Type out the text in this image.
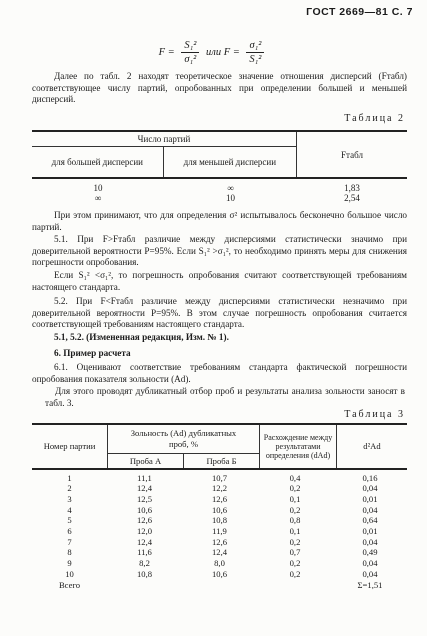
ГОСТ 2669—81 С. 7
$F = \frac{\text{S₁²}}{\text{σ₁²}}$ или $F = \frac{\text{σ₁²}}{\text{S₁²}}$
Далее по табл. 2 находят теоретическое значение отношения дисперсий (Fтабл) соответствующее числу партий, опробованных при определении большей и меньшей дисперсий.
Таблица 2
Число партий		Fтабл
для большей дисперсии	для меньшей дисперсии	
10	∞	1,83
∞	10	2,54
При этом принимают, что для определения σ² испытывалось бесконечно большое число партий.
5.1. При F>Fтабл различие между дисперсиями статистически значимо при доверительной вероятности P=95%. Если S₁² >σ₁², то необходимо принять меры для снижения погрешности опробования.
Если S₁² <σ₁², то погрешность опробования считают соответствующей требованиям настоящего стандарта.
5.2. При F<Fтабл различие между дисперсиями статистически незначимо при доверительной вероятности P=95%. В этом случае погрешность опробования считается соответствующей требованиям настоящего стандарта.
5.1, 5.2. (Измененная редакция, Изм. № 1).
6. Пример расчета
6.1. Оценивают соответствие требованиям стандарта фактической погрешности опробования показателя зольности (Ad).
Для этого проводят дубликатный отбор проб и результаты анализа зольности заносят в табл. 3.
Таблица 3
Номер партии	Зольность (Ad) дубликатных проб, %		Расхождение между результатами определения (dAd)	d²Ad
	Проба А	Проба Б		
1	11,1	10,7	0,4	0,16
2	12,4	12,2	0,2	0,04
3	12,5	12,6	0,1	0,01
4	10,6	10,6	0,2	0,04
5	12,6	10,8	0,8	0,64
6	12,0	11,9	0,1	0,01
7	12,4	12,6	0,2	0,04
8	11,6	12,4	0,7	0,49
9	8,2	8,0	0,2	0,04
10	10,8	10,6	0,2	0,04
Всего				Σ=1,51
